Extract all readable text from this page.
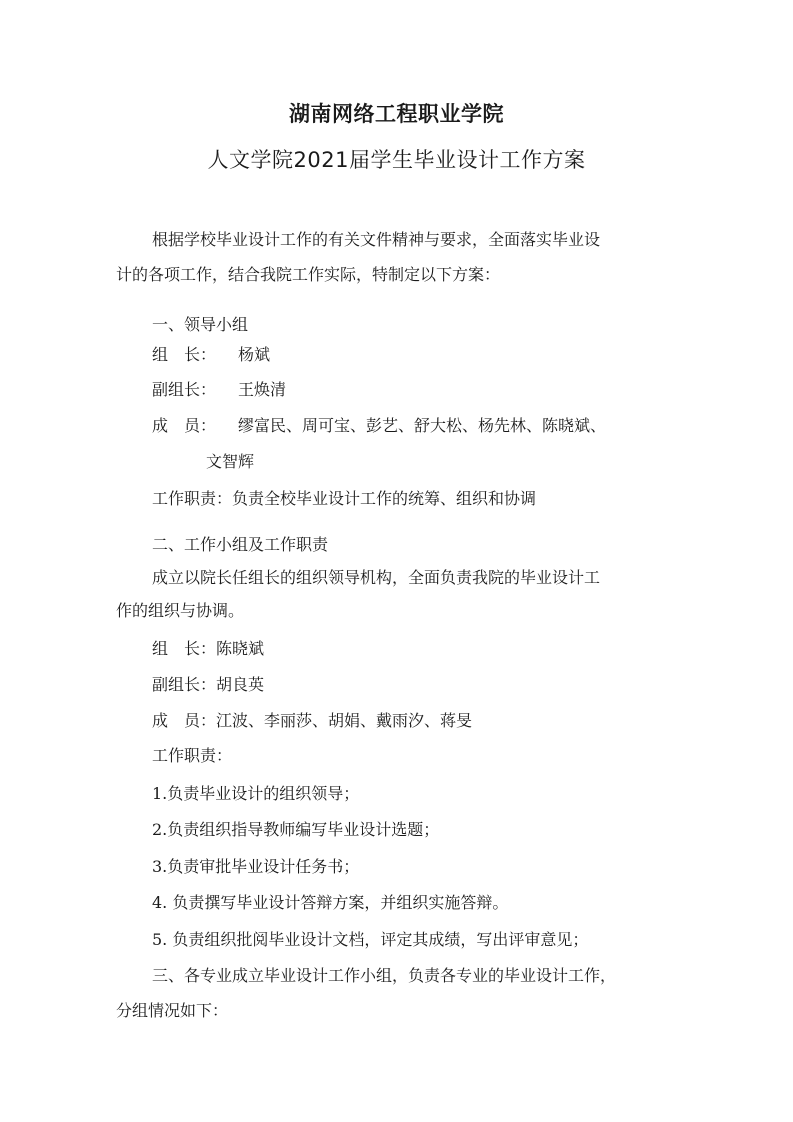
湖南网络工程职业学院
人文学院2021届学生毕业设计工作方案
根据学校毕业设计工作的有关文件精神与要求，全面落实毕业设
计的各项工作，结合我院工作实际，特制定以下方案：
一、领导小组
组　长： 杨斌
副组长： 王焕清
成　员： 缪富民、周可宝、彭艺、舒大松、杨先林、陈晓斌、
文智辉
工作职责：负责全校毕业设计工作的统筹、组织和协调
二、工作小组及工作职责
成立以院长任组长的组织领导机构，全面负责我院的毕业设计工
作的组织与协调。
组　长：陈晓斌
副组长：胡良英
成　员：江波、李丽莎、胡娟、戴雨汐、蒋旻
工作职责：
1.负责毕业设计的组织领导；
2.负责组织指导教师编写毕业设计选题；
3.负责审批毕业设计任务书；
4. 负责撰写毕业设计答辩方案，并组织实施答辩。
5. 负责组织批阅毕业设计文档，评定其成绩，写出评审意见；
三、各专业成立毕业设计工作小组，负责各专业的毕业设计工作，
分组情况如下：
